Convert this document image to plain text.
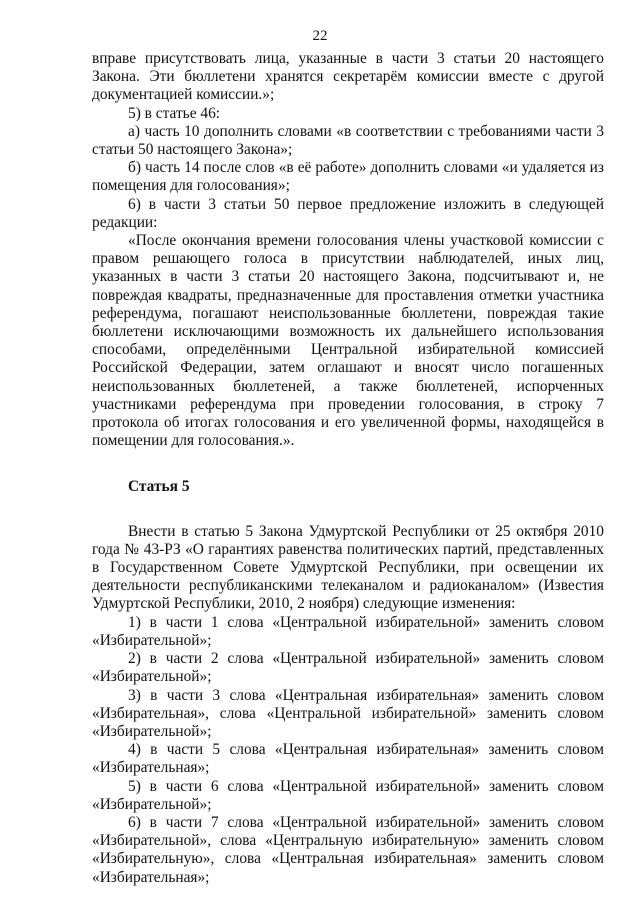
22

вправе присутствовать лица, указанные в части 3 статьи 20 настоящего Закона. Эти бюллетени хранятся секретарём комиссии вместе с другой документацией комиссии.»;

5) в статье 46:

а) часть 10 дополнить словами «в соответствии с требованиями части 3 статьи 50 настоящего Закона»;

б) часть 14 после слов «в её работе» дополнить словами «и удаляется из помещения для голосования»;

6) в части 3 статьи 50 первое предложение изложить в следующей редакции:

«После окончания времени голосования члены участковой комиссии с правом решающего голоса в присутствии наблюдателей, иных лиц, указанных в части 3 статьи 20 настоящего Закона, подсчитывают и, не повреждая квадраты, предназначенные для проставления отметки участника референдума, погашают неиспользованные бюллетени, повреждая такие бюллетени исключающими возможность их дальнейшего использования способами, определёнными Центральной избирательной комиссией Российской Федерации, затем оглашают и вносят число погашенных неиспользованных бюллетеней, а также бюллетеней, испорченных участниками референдума при проведении голосования, в строку 7 протокола об итогах голосования и его увеличенной формы, находящейся в помещении для голосования.».

Статья 5

Внести в статью 5 Закона Удмуртской Республики от 25 октября 2010 года № 43-РЗ «О гарантиях равенства политических партий, представленных в Государственном Совете Удмуртской Республики, при освещении их деятельности республиканскими телеканалом и радиоканалом» (Известия Удмуртской Республики, 2010, 2 ноября) следующие изменения:

1) в части 1 слова «Центральной избирательной» заменить словом «Избирательной»;

2) в части 2 слова «Центральной избирательной» заменить словом «Избирательной»;

3) в части 3 слова «Центральная избирательная» заменить словом «Избирательная», слова «Центральной избирательной» заменить словом «Избирательной»;

4) в части 5 слова «Центральная избирательная» заменить словом «Избирательная»;

5) в части 6 слова «Центральной избирательной» заменить словом «Избирательной»;

6) в части 7 слова «Центральной избирательной» заменить словом «Избирательной», слова «Центральную избирательную» заменить словом «Избирательную», слова «Центральная избирательная» заменить словом «Избирательная»;
